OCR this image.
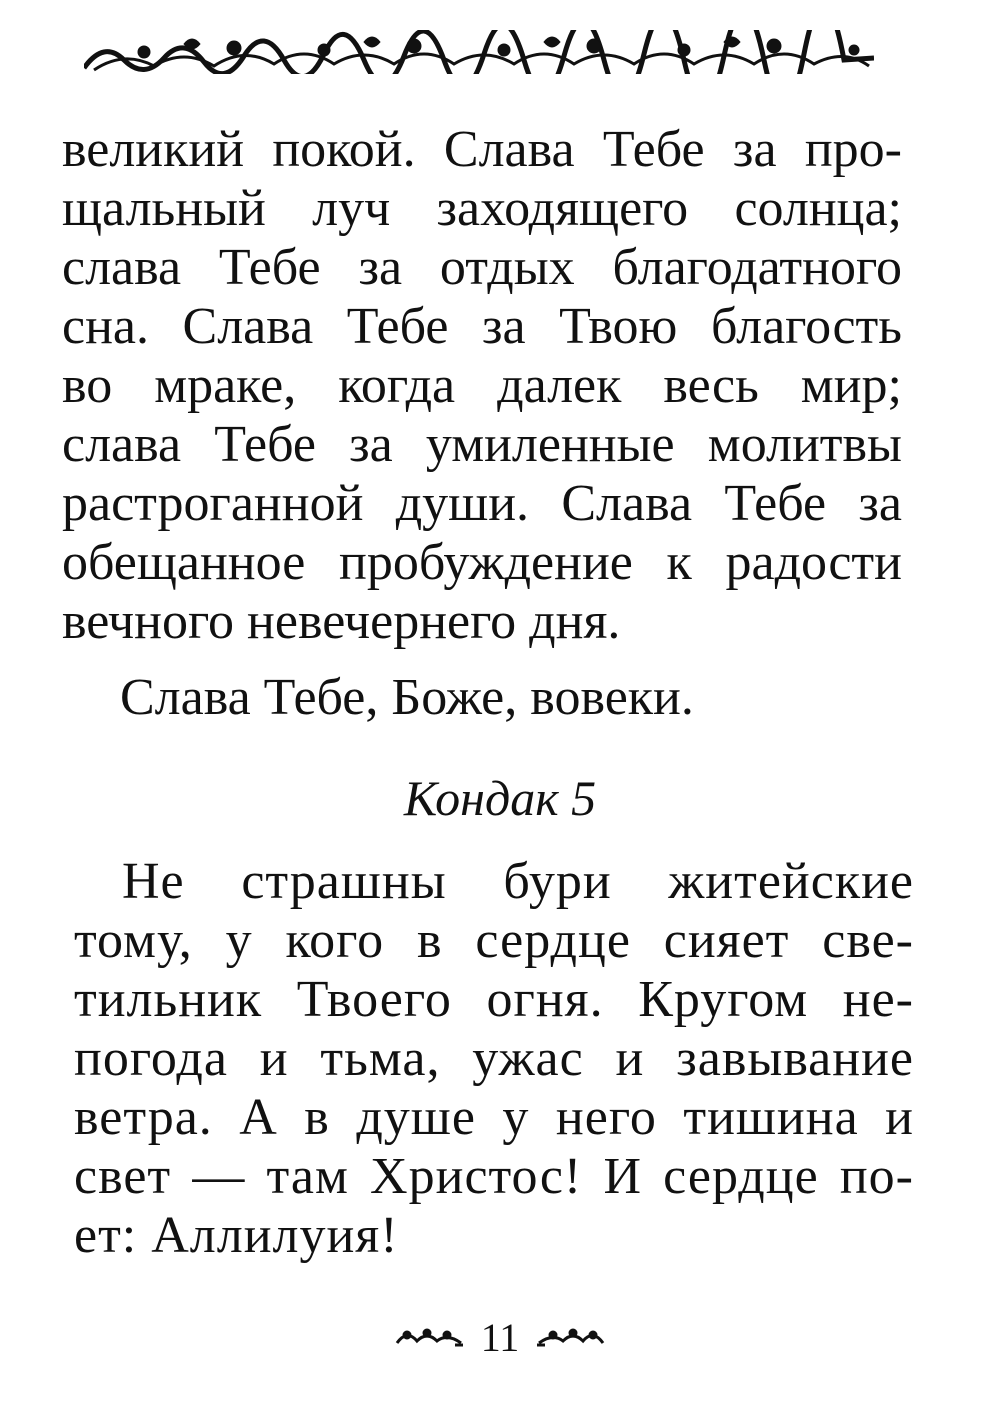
великий покой. Слава Тебе за про-
щальный луч заходящего солнца;
слава Тебе за отдых благодатного
сна. Слава Тебе за Твою благость
во мраке, когда далек весь мир;
слава Тебе за умиленные молитвы
растроганной души. Слава Тебе за
обещанное пробуждение к радости
вечного невечернего дня.
Слава Тебе, Боже, вовеки.
Кондак 5
Не страшны бури житейские
тому, у кого в сердце сияет све-
тильник Твоего огня. Кругом не-
погода и тьма, ужас и завывание
ветра. А в душе у него тишина и
свет — там Христос! И сердце по-
ет: Аллилуия!
11
